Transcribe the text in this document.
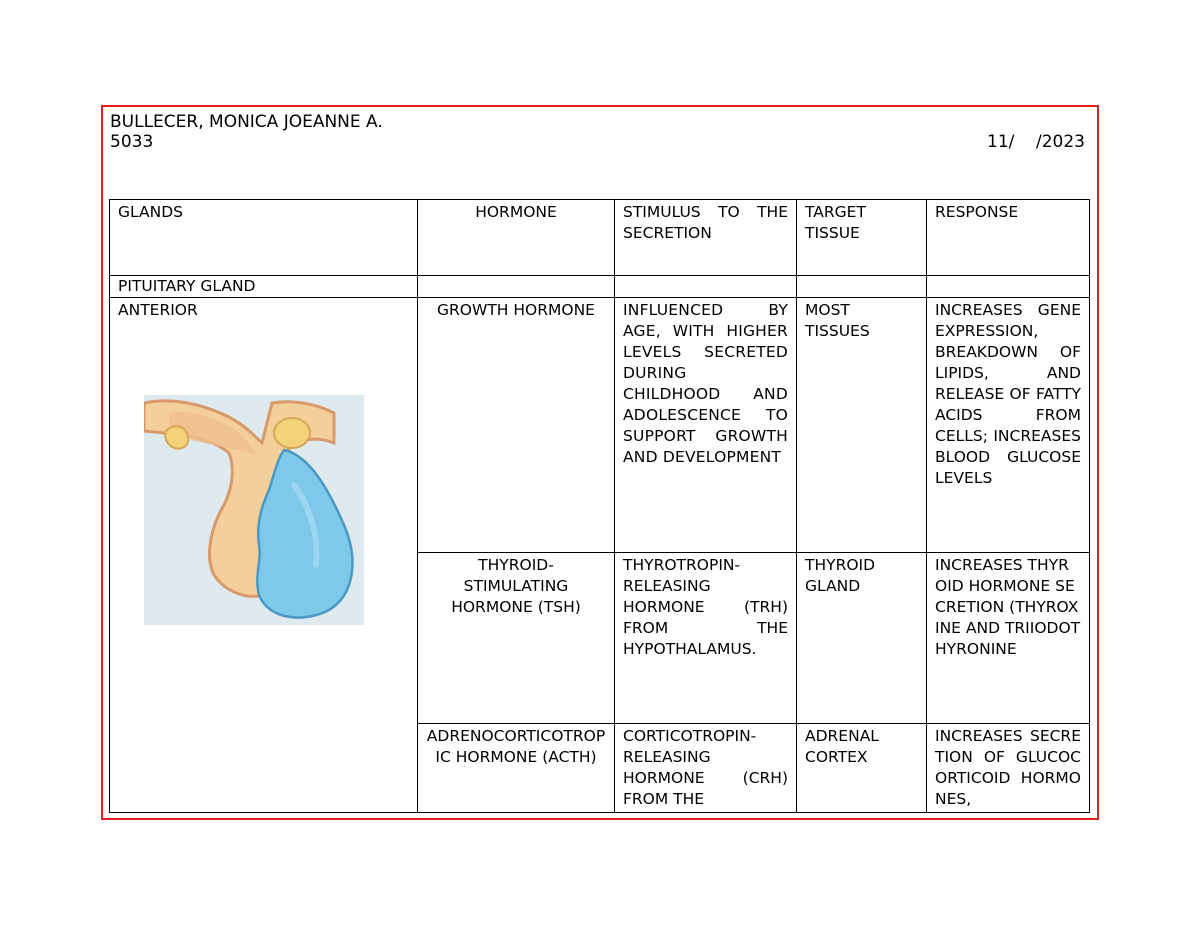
BULLECER, MONICA JOEANNE A.
5033	11/    /2023
GLANDS	HORMONE	STIMULUS TO THE SECRETION	TARGET TISSUE	RESPONSE
PITUITARY GLAND				

ANTERIOR	GROWTH HORMONE	INFLUENCED BY AGE, WITH HIGHER LEVELS SECRETED DURING CHILDHOOD AND ADOLESCENCE TO SUPPORT GROWTH AND DEVELOPMENT	MOST TISSUES	INCREASES GENE EXPRESSION, BREAKDOWN OF LIPIDS, AND RELEASE OF FATTY ACIDS FROM CELLS; INCREASES BLOOD GLUCOSE LEVELS
	THYROID-STIMULATING HORMONE (TSH)	THYROTROPIN-RELEASING HORMONE (TRH) FROM THE HYPOTHALAMUS.	THYROID GLAND	INCREASES THYROID HORMONE SECRETION (THYROXINE AND TRIIODOTHYRONINE
	ADRENOCORTICOTROPIC HORMONE (ACTH)	CORTICOTROPIN-RELEASING HORMONE (CRH) FROM THE	ADRENAL CORTEX	INCREASES SECRETION OF GLUCOCORTICOID HORMONES,
